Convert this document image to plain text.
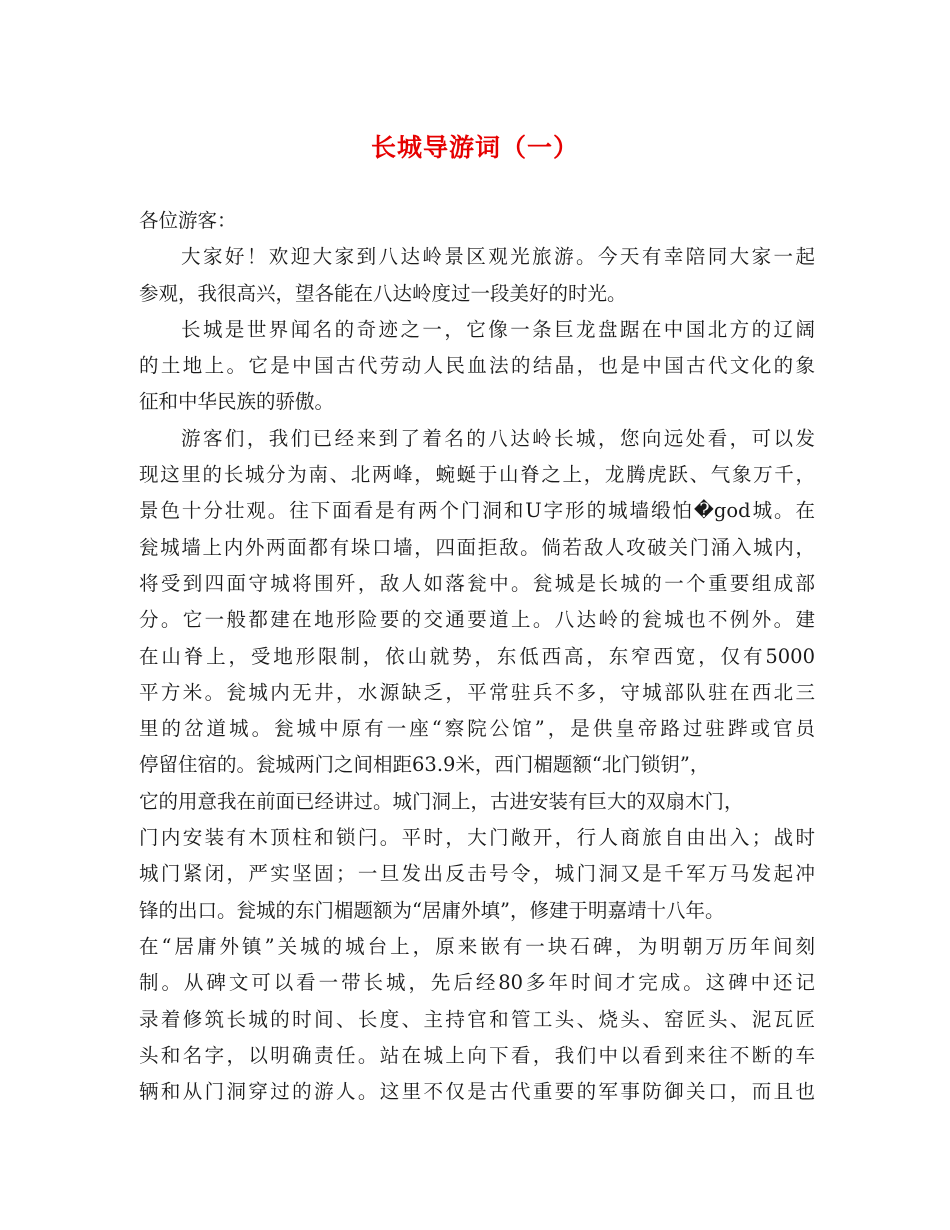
长城导游词（一）

各位游客：

大家好！欢迎大家到八达岭景区观光旅游。今天有幸陪同大家一起
参观，我很高兴，望各能在八达岭度过一段美好的时光。

长城是世界闻名的奇迹之一，它像一条巨龙盘踞在中国北方的辽阔
的土地上。它是中国古代劳动人民血法的结晶，也是中国古代文化的象
征和中华民族的骄傲。

游客们，我们已经来到了着名的八达岭长城，您向远处看，可以发
现这里的长城分为南、北两峰，蜿蜒于山脊之上，龙腾虎跃、气象万千，
景色十分壮观。往下面看是有两个门洞和U字形的城墙缎怕�god城。在
瓮城墙上内外两面都有垛口墙，四面拒敌。倘若敌人攻破关门涌入城内，
将受到四面守城将围歼，敌人如落瓮中。瓮城是长城的一个重要组成部
分。它一般都建在地形险要的交通要道上。八达岭的瓮城也不例外。建
在山脊上，受地形限制，依山就势，东低西高，东窄西宽，仅有5000
平方米。瓮城内无井，水源缺乏，平常驻兵不多，守城部队驻在西北三
里的岔道城。瓮城中原有一座“察院公馆”，是供皇帝路过驻跸或官员
停留住宿的。瓮城两门之间相距63.9米，西门楣题额“北门锁钥”，
它的用意我在前面已经讲过。城门洞上，古进安装有巨大的双扇木门，
门内安装有木顶柱和锁闩。平时，大门敞开，行人商旅自由出入；战时
城门紧闭，严实坚固；一旦发出反击号令，城门洞又是千军万马发起冲
锋的出口。瓮城的东门楣题额为“居庸外填”，修建于明嘉靖十八年。
在“居庸外镇”关城的城台上，原来嵌有一块石碑，为明朝万历年间刻
制。从碑文可以看一带长城，先后经80多年时间才完成。这碑中还记
录着修筑长城的时间、长度、主持官和管工头、烧头、窑匠头、泥瓦匠
头和名字，以明确责任。站在城上向下看，我们中以看到来往不断的车
辆和从门洞穿过的游人。这里不仅是古代重要的军事防御关口，而且也
